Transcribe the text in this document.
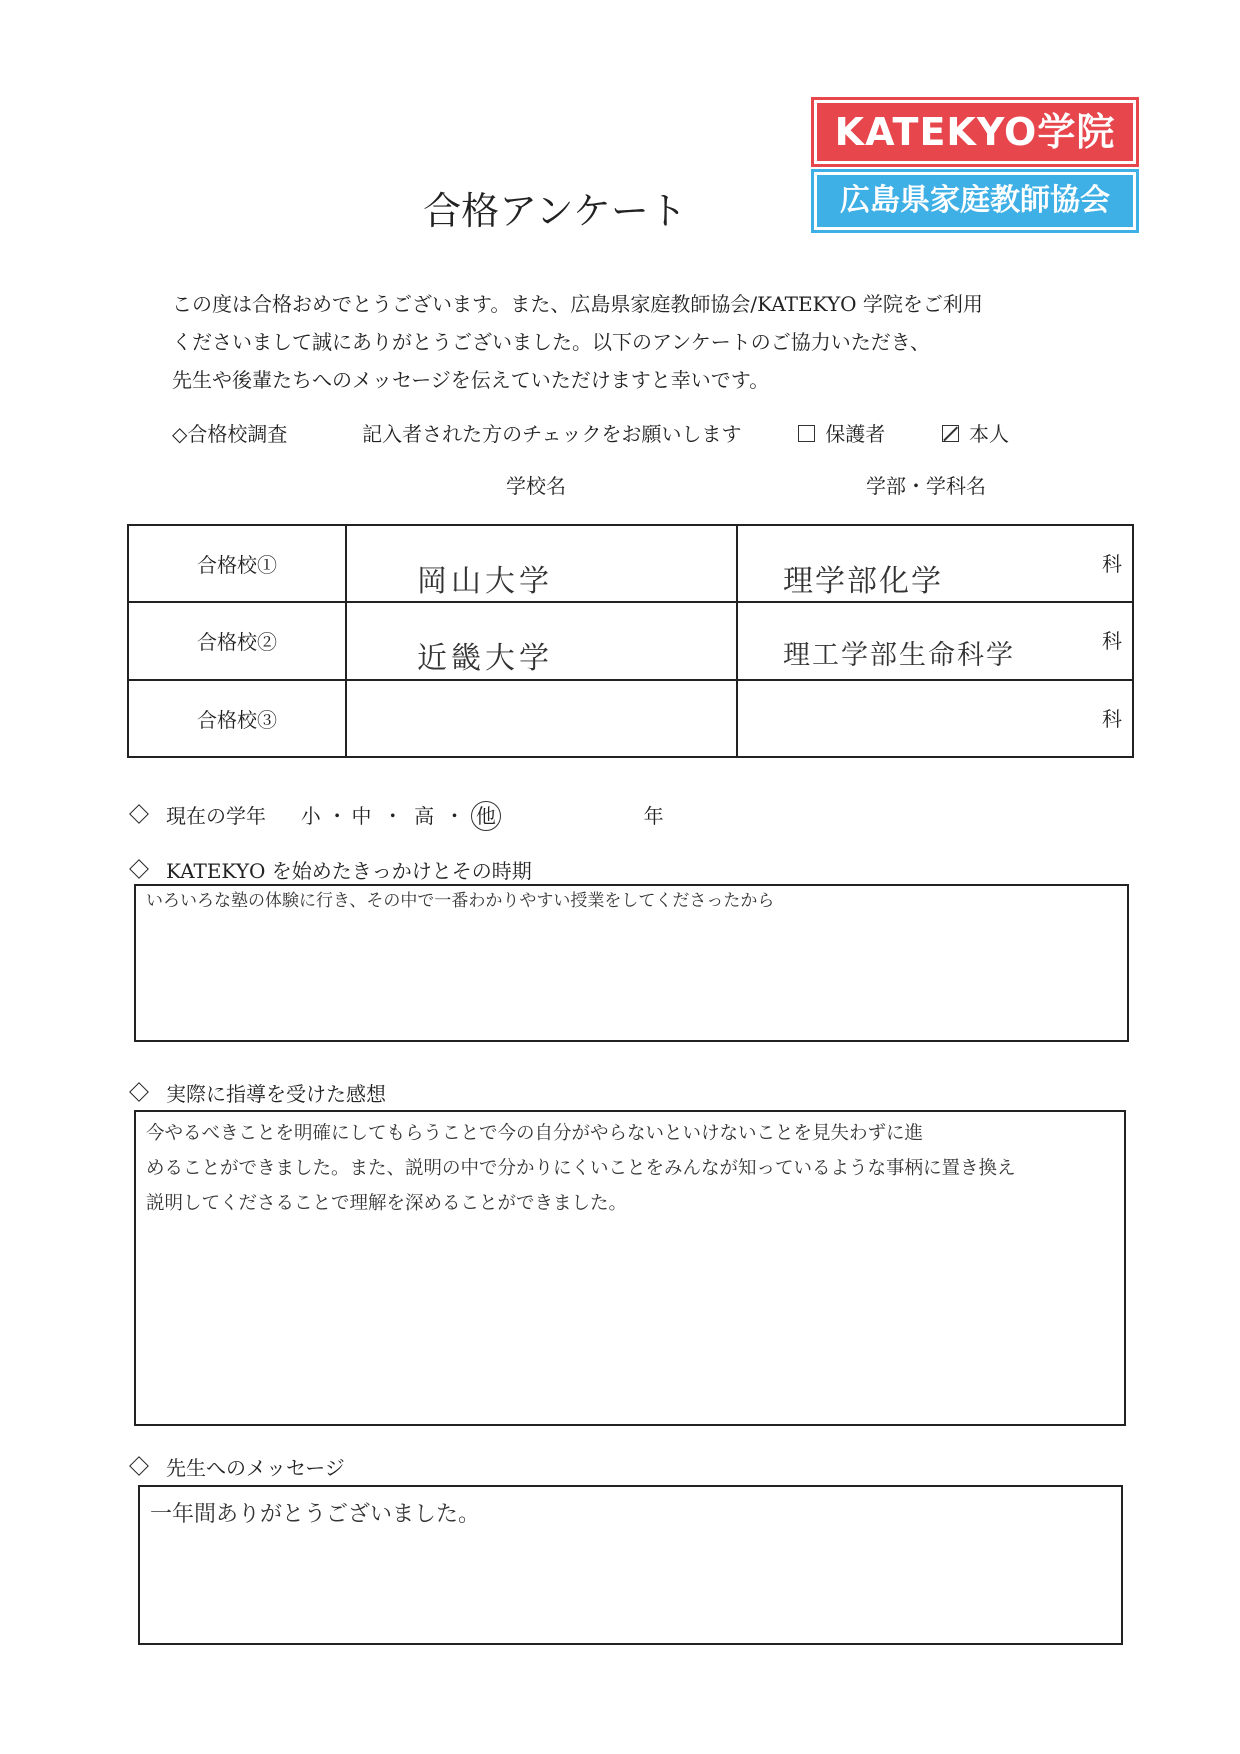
KATEKYO学院
広島県家庭教師協会
合格アンケート
この度は合格おめでとうございます。また、広島県家庭教師協会/KATEKYO 学院をご利用
くださいまして誠にありがとうございました。以下のアンケートのご協力いただき、
先生や後輩たちへのメッセージを伝えていただけますと幸いです。
◇合格校調査	記入者された方のチェックをお願いします	保護者	本人
学校名	学部・学科名
合格校①	岡山大学	理学部化学 科

合格校②	近畿大学	理工学部生命科学 科

合格校③		科
現在の学年 小 ・ 中 ・ 高 ・ 他	年
KATEKYO を始めたきっかけとその時期
いろいろな塾の体験に行き、その中で一番わかりやすい授業をしてくださったから
実際に指導を受けた感想
今やるべきことを明確にしてもらうことで今の自分がやらないといけないことを見失わずに進
めることができました。また、説明の中で分かりにくいことをみんなが知っているような事柄に置き換え
説明してくださることで理解を深めることができました。
先生へのメッセージ
一年間ありがとうございました。
